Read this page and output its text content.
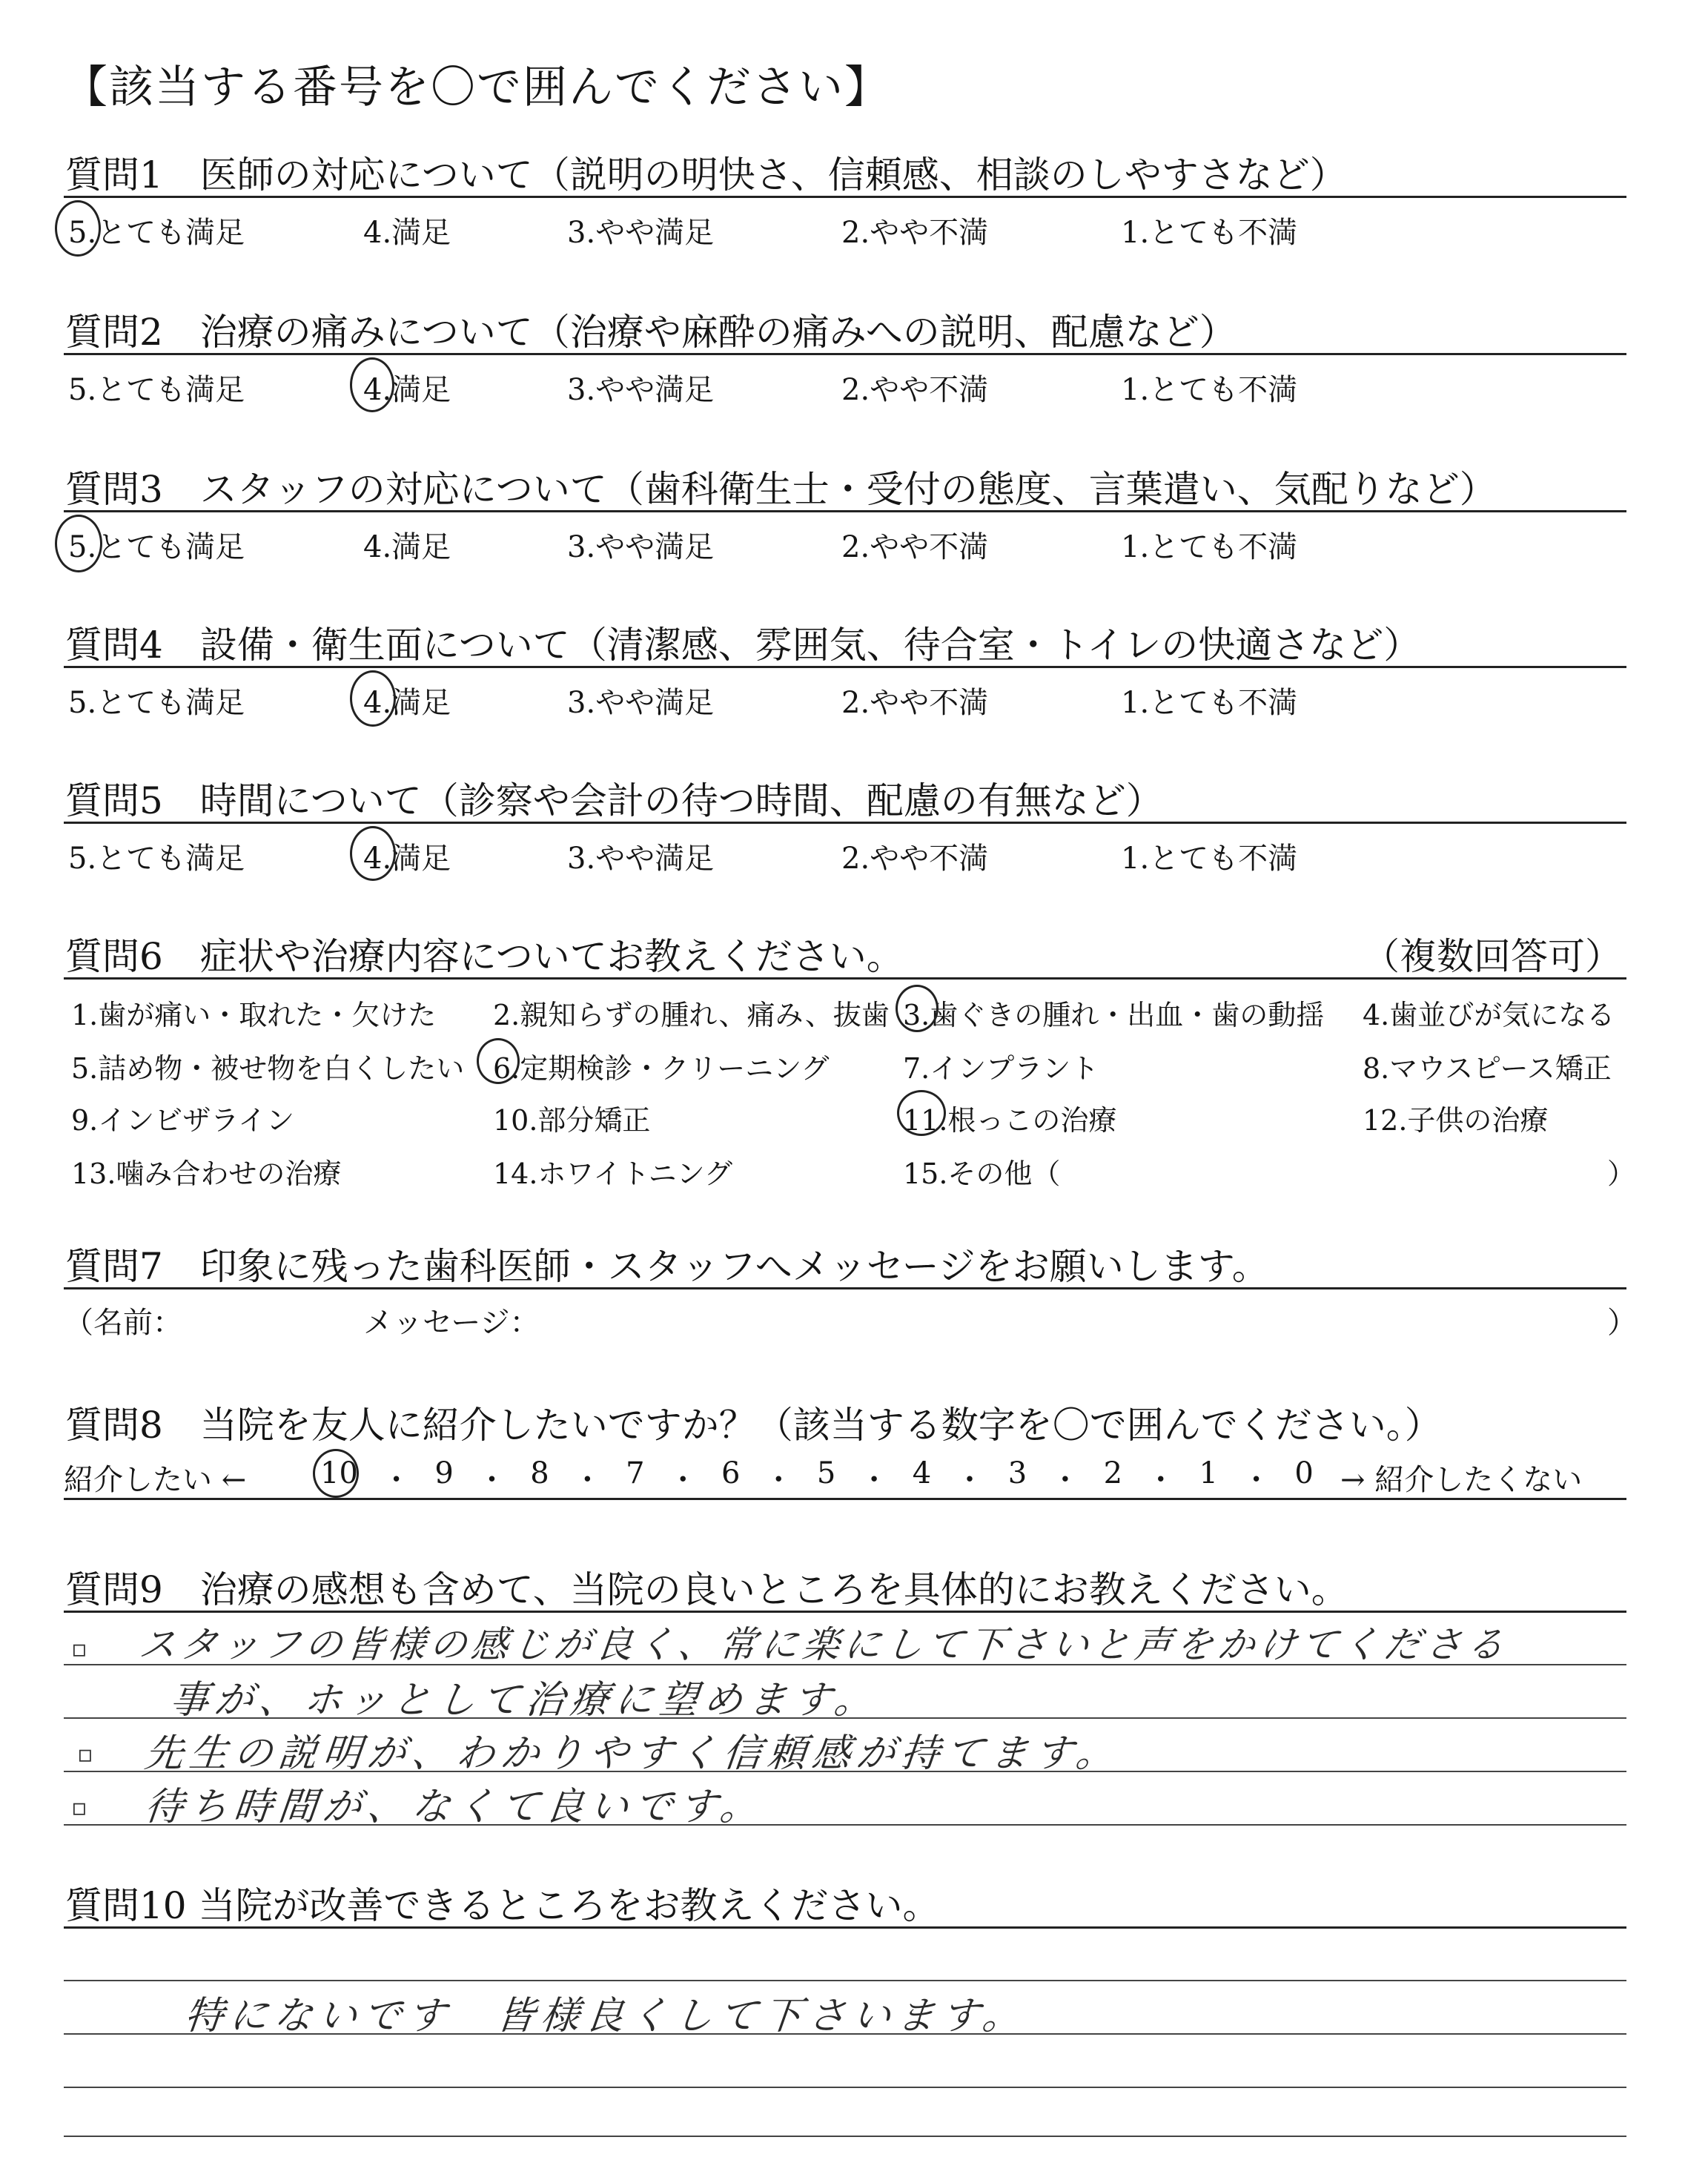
【該当する番号を〇で囲んでください】
質問1　医師の対応について（説明の明快さ、信頼感、相談のしやすさなど）
5.とても満足	4.満足	3.やや満足	2.やや不満	1.とても不満
質問2　治療の痛みについて（治療や麻酔の痛みへの説明、配慮など）
5.とても満足	4.満足	3.やや満足	2.やや不満	1.とても不満
質問3　スタッフの対応について（歯科衛生士・受付の態度、言葉遣い、気配りなど）
5.とても満足	4.満足	3.やや満足	2.やや不満	1.とても不満
質問4　設備・衛生面について（清潔感、雰囲気、待合室・トイレの快適さなど）
5.とても満足	4.満足	3.やや満足	2.やや不満	1.とても不満
質問5　時間について（診察や会計の待つ時間、配慮の有無など）
5.とても満足	4.満足	3.やや満足	2.やや不満	1.とても不満
質問6　症状や治療内容についてお教えください。	（複数回答可）
1.歯が痛い・取れた・欠けた 2.親知らずの腫れ、痛み、抜歯 3.歯ぐきの腫れ・出血・歯の動揺 4.歯並びが気になる
5.詰め物・被せ物を白くしたい 6.定期検診・クリーニング	7.インプラント	8.マウスピース矯正
9.インビザライン	10.部分矯正	11.根っこの治療	12.子供の治療
13.噛み合わせの治療	14.ホワイトニング	15.その他（	）
質問7　印象に残った歯科医師・スタッフへメッセージをお願いします。
（名前：	メッセージ：	）
質問8　当院を友人に紹介したいですか？（該当する数字を〇で囲んでください。）
紹介したい ←	→ 紹介したくない
10 ・ 9 ・ 8 ・ 7 ・ 6 ・ 5 ・ 4 ・ 3 ・ 2 ・ 1 ・ 0
質問9　治療の感想も含めて、当院の良いところを具体的にお教えください。
▫
▫
▫
スタッフの皆様の感じが良く、常に楽にして下さいと声をかけてくださる
事が、ホッとして治療に望めます。
先生の説明が、わかりやすく信頼感が持てます。
待ち時間が、なくて良いです。
質問10 当院が改善できるところをお教えください。
特にないです　皆様良くして下さいます。
